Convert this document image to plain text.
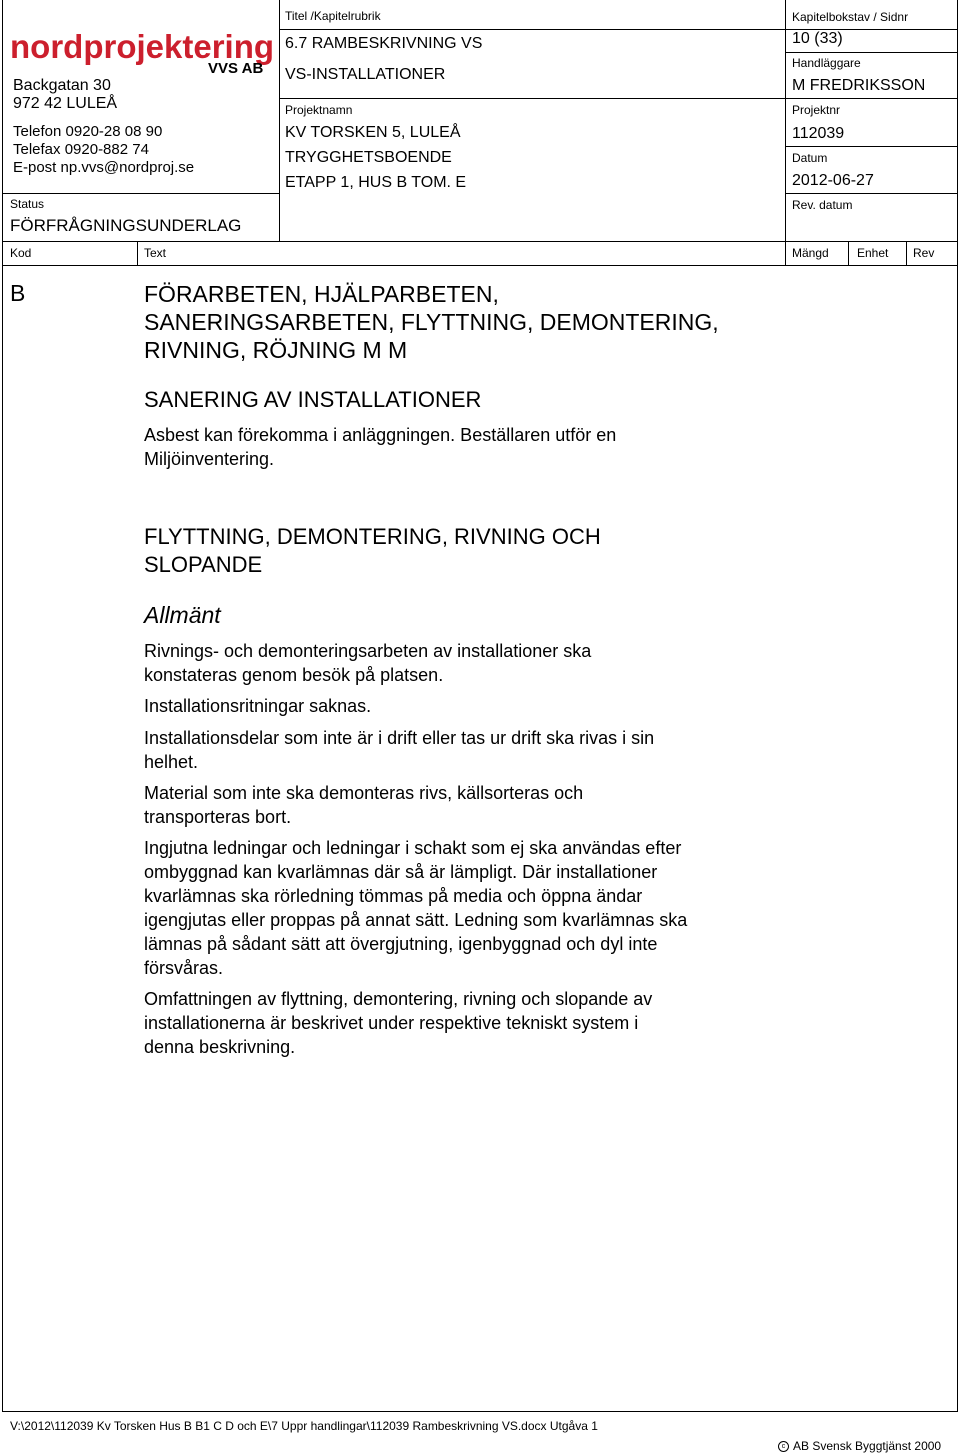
nordprojektering
VVS AB
Backgatan 30
972 42 LULEÅ
Telefon 0920-28 08 90
Telefax 0920-882 74
E-post np.vvs@nordproj.se
Status
FÖRFRÅGNINGSUNDERLAG
Titel /Kapitelrubrik
6.7 RAMBESKRIVNING VS
VS-INSTALLATIONER
Projektnamn
KV TORSKEN 5, LULEÅ
TRYGGHETSBOENDE
ETAPP 1, HUS B TOM. E
Kapitelbokstav / Sidnr
10 (33)
Handläggare
M FREDRIKSSON
Projektnr
112039
Datum
2012-06-27
Rev. datum
Kod	Text	Mängd Enhet Rev
B	FÖRARBETEN, HJÄLPARBETEN,
SANERINGSARBETEN, FLYTTNING, DEMONTERING,
RIVNING, RÖJNING M M
SANERING AV INSTALLATIONER
Asbest kan förekomma i anläggningen. Beställaren utför en
Miljöinventering.
FLYTTNING, DEMONTERING, RIVNING OCH
SLOPANDE
Allmänt
Rivnings- och demonteringsarbeten av installationer ska
konstateras genom besök på platsen.
Installationsritningar saknas.
Installationsdelar som inte är i drift eller tas ur drift ska rivas i sin
helhet.
Material som inte ska demonteras rivs, källsorteras och
transporteras bort.
Ingjutna ledningar och ledningar i schakt som ej ska användas efter
ombyggnad kan kvarlämnas där så är lämpligt. Där installationer
kvarlämnas ska rörledning tömmas på media och öppna ändar
igengjutas eller proppas på annat sätt. Ledning som kvarlämnas ska
lämnas på sådant sätt att övergjutning, igenbyggnad och dyl inte
försvåras.
Omfattningen av flyttning, demontering, rivning och slopande av
installationerna är beskrivet under respektive tekniskt system i
denna beskrivning.
V:\2012\112039 Kv Torsken Hus B B1 C D och E\7 Uppr handlingar\112039 Rambeskrivning VS.docx Utgåva 1
c AB Svensk Byggtjänst 2000
